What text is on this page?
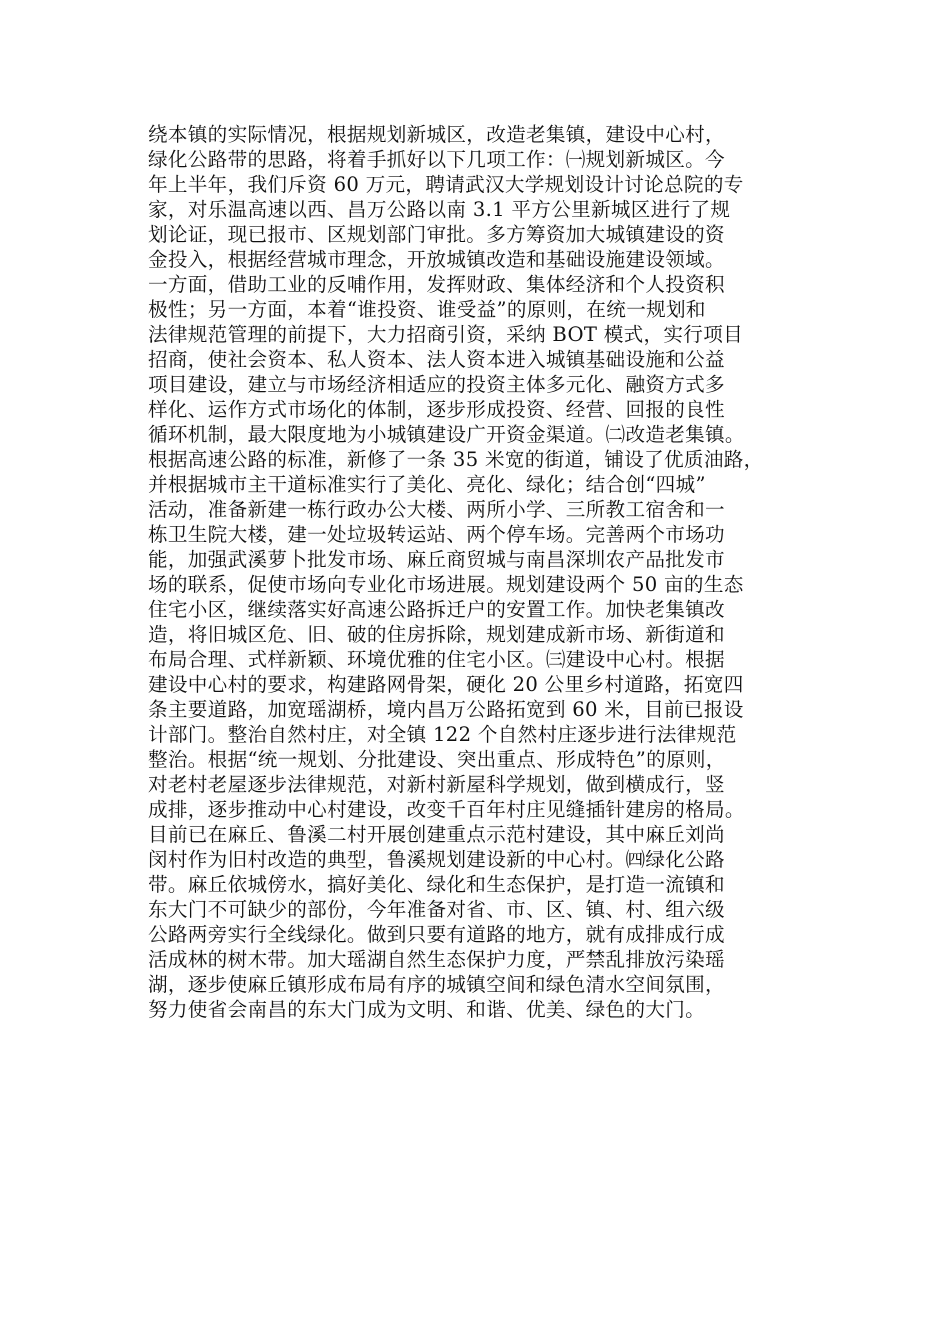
绕本镇的实际情况，根据规划新城区，改造老集镇，建设中心村，
绿化公路带的思路，将着手抓好以下几项工作：㈠规划新城区。今
年上半年，我们斥资 60 万元，聘请武汉大学规划设计讨论总院的专
家，对乐温高速以西、昌万公路以南 3.1 平方公里新城区进行了规
划论证，现已报市、区规划部门审批。多方筹资加大城镇建设的资
金投入，根据经营城市理念，开放城镇改造和基础设施建设领域。
一方面，借助工业的反哺作用，发挥财政、集体经济和个人投资积
极性；另一方面，本着“谁投资、谁受益”的原则，在统一规划和
法律规范管理的前提下，大力招商引资，采纳 BOT 模式，实行项目
招商，使社会资本、私人资本、法人资本进入城镇基础设施和公益
项目建设，建立与市场经济相适应的投资主体多元化、融资方式多
样化、运作方式市场化的体制，逐步形成投资、经营、回报的良性
循环机制，最大限度地为小城镇建设广开资金渠道。㈡改造老集镇。
根据高速公路的标准，新修了一条 35 米宽的街道，铺设了优质油路，
并根据城市主干道标准实行了美化、亮化、绿化；结合创“四城”
活动，准备新建一栋行政办公大楼、两所小学、三所教工宿舍和一
栋卫生院大楼，建一处垃圾转运站、两个停车场。完善两个市场功
能，加强武溪萝卜批发市场、麻丘商贸城与南昌深圳农产品批发市
场的联系，促使市场向专业化市场进展。规划建设两个 50 亩的生态
住宅小区，继续落实好高速公路拆迁户的安置工作。加快老集镇改
造，将旧城区危、旧、破的住房拆除，规划建成新市场、新街道和
布局合理、式样新颖、环境优雅的住宅小区。㈢建设中心村。根据
建设中心村的要求，构建路网骨架，硬化 20 公里乡村道路，拓宽四
条主要道路，加宽瑶湖桥，境内昌万公路拓宽到 60 米，目前已报设
计部门。整治自然村庄，对全镇 122 个自然村庄逐步进行法律规范
整治。根据“统一规划、分批建设、突出重点、形成特色”的原则，
对老村老屋逐步法律规范，对新村新屋科学规划，做到横成行，竖
成排，逐步推动中心村建设，改变千百年村庄见缝插针建房的格局。
目前已在麻丘、鲁溪二村开展创建重点示范村建设，其中麻丘刘尚
闵村作为旧村改造的典型，鲁溪规划建设新的中心村。㈣绿化公路
带。麻丘依城傍水，搞好美化、绿化和生态保护，是打造一流镇和
东大门不可缺少的部份，今年准备对省、市、区、镇、村、组六级
公路两旁实行全线绿化。做到只要有道路的地方，就有成排成行成
活成林的树木带。加大瑶湖自然生态保护力度，严禁乱排放污染瑶
湖，逐步使麻丘镇形成布局有序的城镇空间和绿色清水空间氛围，
努力使省会南昌的东大门成为文明、和谐、优美、绿色的大门。
